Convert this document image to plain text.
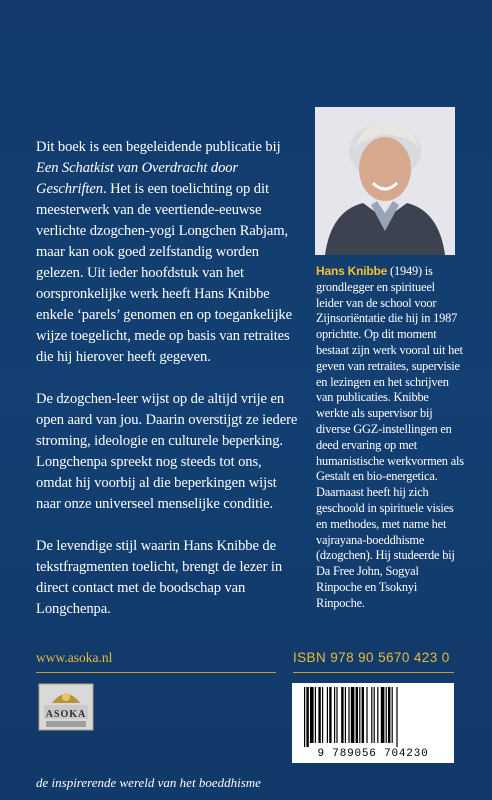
Dit boek is een begeleidende publicatie bij Een Schatkist van Overdracht door Geschriften. Het is een toelichting op dit meesterwerk van de veertiende-eeuwse verlichte dzogchen-yogi Longchen Rabjam, maar kan ook goed zelfstandig worden gelezen. Uit ieder hoofdstuk van het oorspronkelijke werk heeft Hans Knibbe enkele ‘parels’ genomen en op toegankelijke wijze toegelicht, mede op basis van retraites die hij hierover heeft gegeven.

De dzogchen-leer wijst op de altijd vrije en open aard van jou. Daarin overstijgt ze iedere stroming, ideologie en culturele beperking. Longchenpa spreekt nog steeds tot ons, omdat hij voorbij al die beperkingen wijst naar onze universeel menselijke conditie.

De levendige stijl waarin Hans Knibbe de tekstfragmenten toelicht, brengt de lezer in direct contact met de boodschap van Longchenpa.

Hans Knibbe (1949) is grondlegger en spiritueel leider van de school voor Zijnsoriëntatie die hij in 1987 oprichtte. Op dit moment bestaat zijn werk vooral uit het geven van retraites, supervisie en lezingen en het schrijven van publicaties. Knibbe werkte als supervisor bij diverse GGZ-instellingen en deed ervaring op met humanistische werkvormen als Gestalt en bio-energetica. Daarnaast heeft hij zich geschoold in spirituele visies en methodes, met name het vajrayana-boeddhisme (dzogchen). Hij studeerde bij Da Free John, Sogyal Rinpoche en Tsoknyi Rinpoche.
www.asoka.nl	ISBN 978 90 5670 423 0
ASOKA
9 789056 704230
de inspirerende wereld van het boeddhisme
